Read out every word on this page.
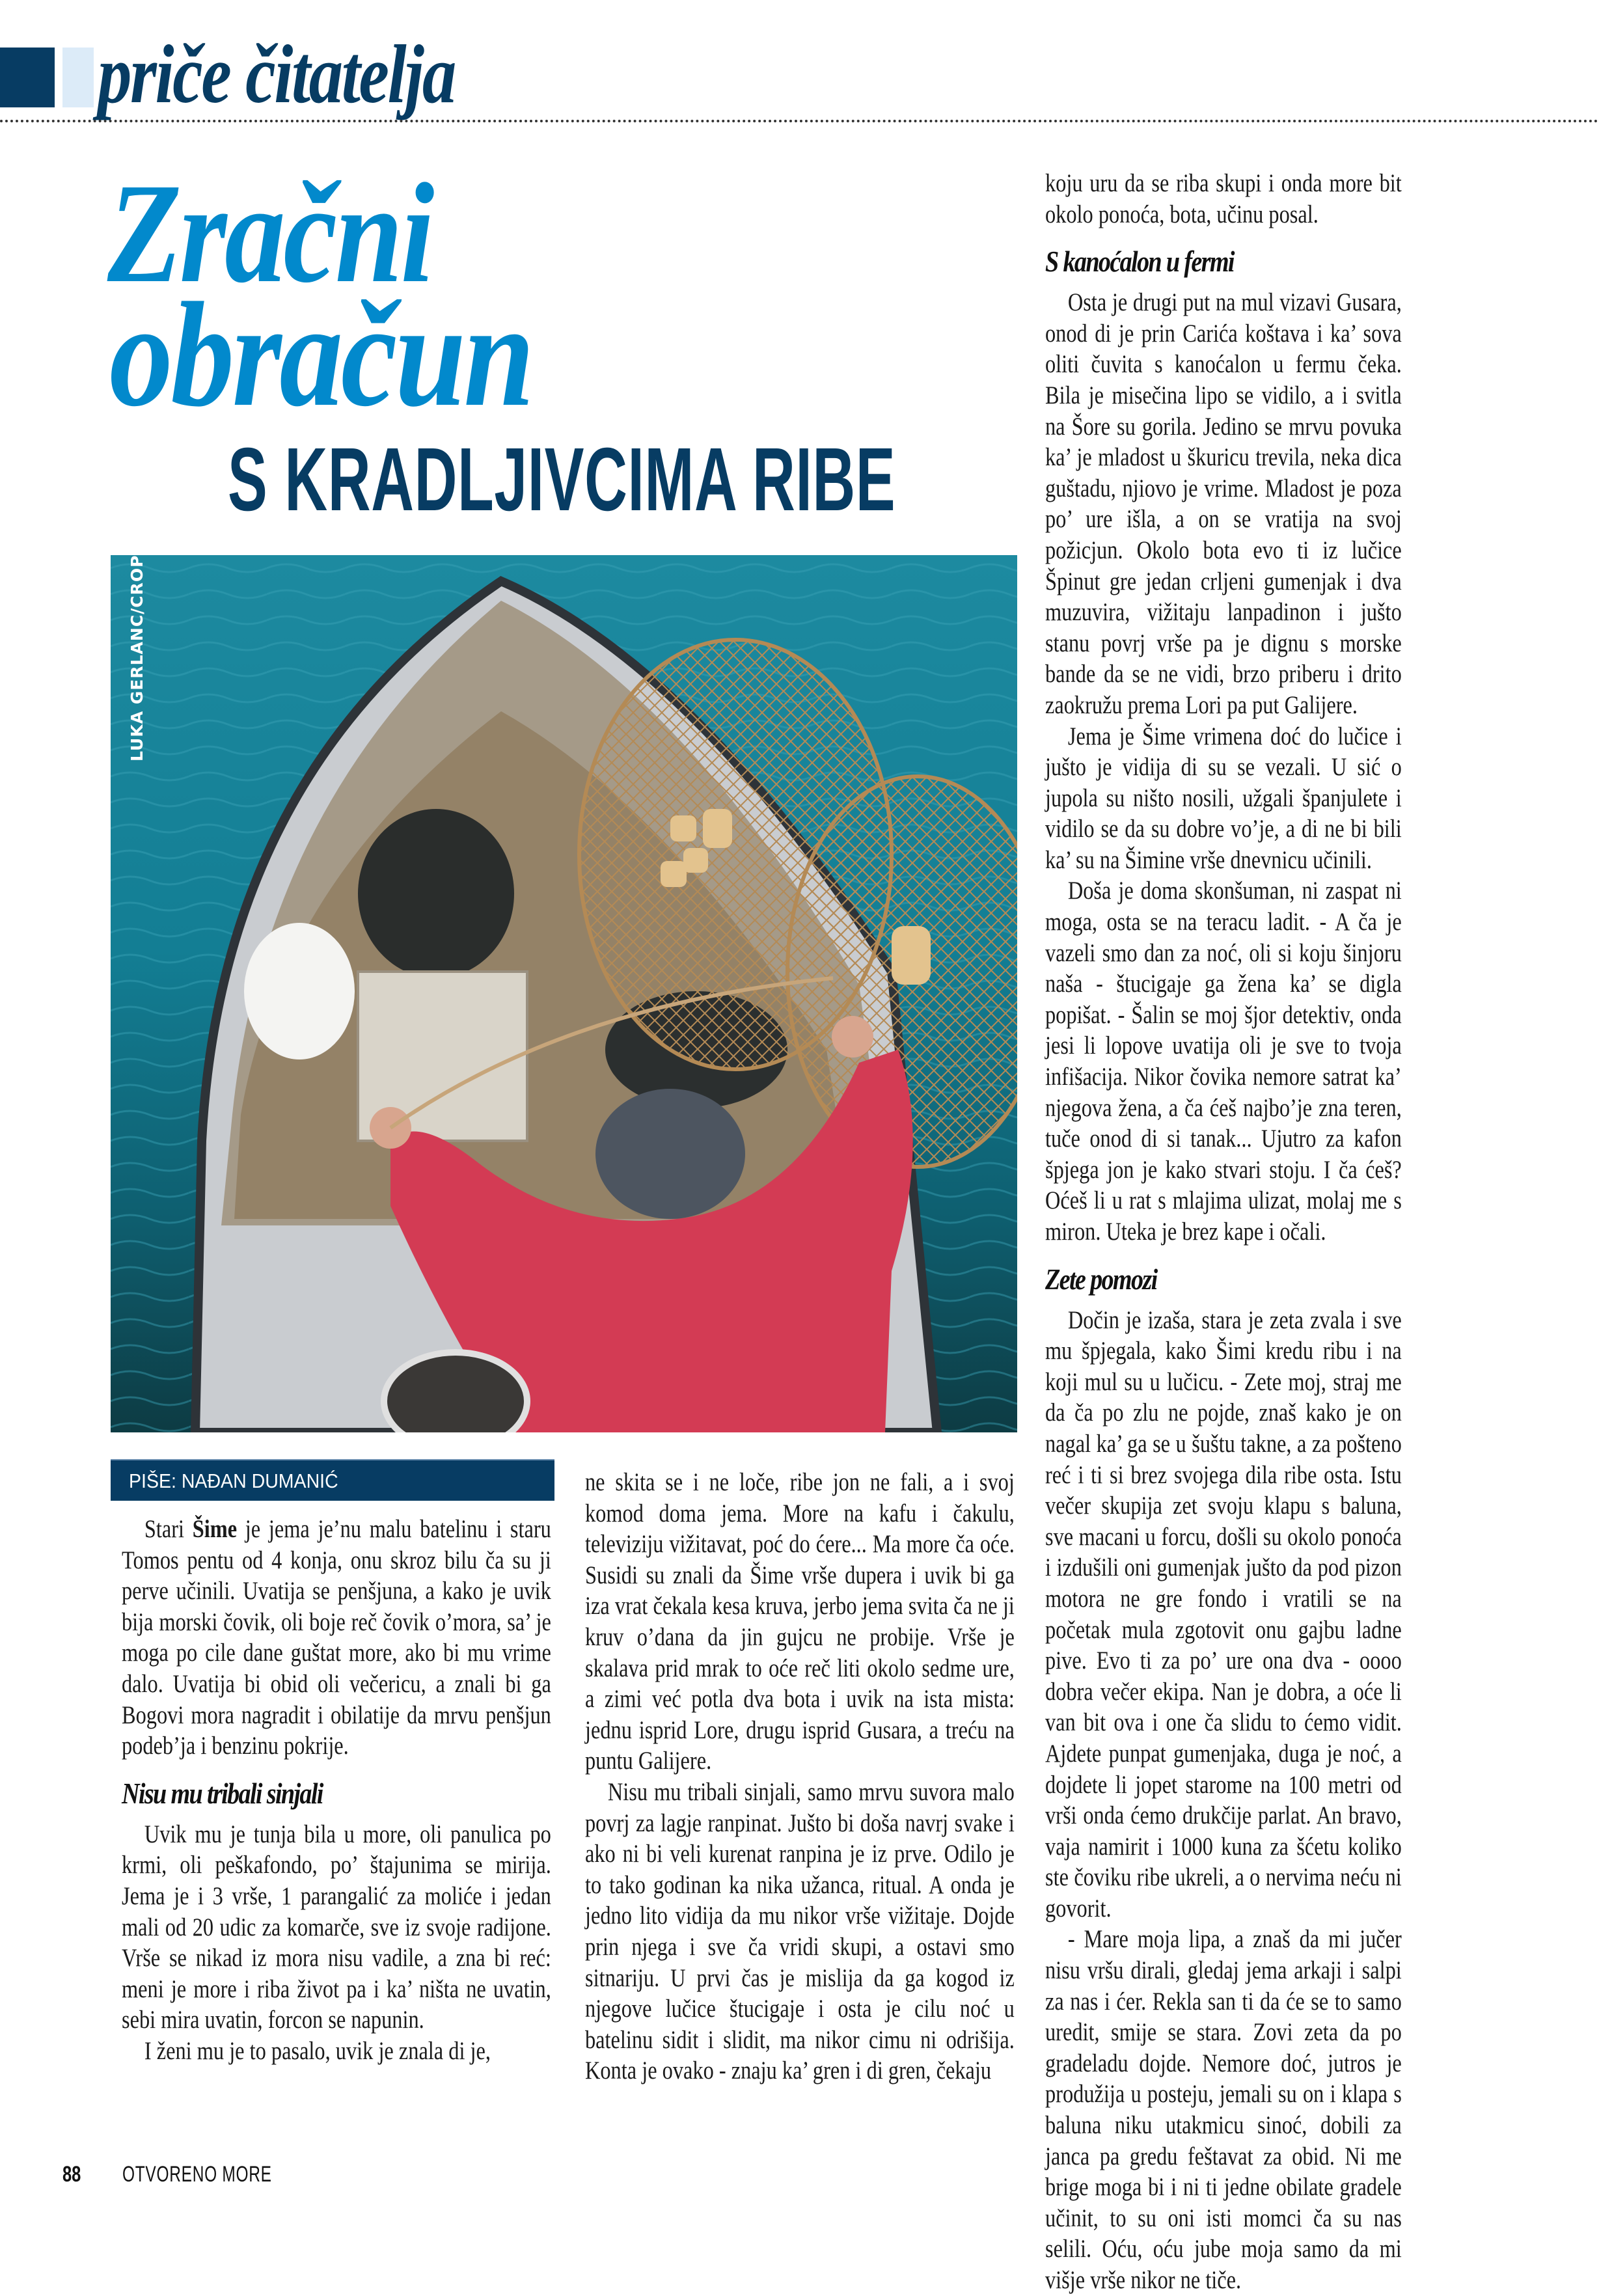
priče čitatelja
Zračni
obračun
S KRADLJIVCIMA RIBE
LUKA GERLANC/CROPIX
PIŠE: NAĐAN DUMANIĆ

Stari Šime je jema je’nu malu batelinu i staru Tomos pentu od 4 konja, onu skroz bilu ča su ji perve učinili. Uvatija se penšjuna, a kako je uvik bija morski čovik, oli boje reč čovik o’mora, sa’ je moga po cile dane guštat more, ako bi mu vrime dalo. Uvatija bi obid oli večericu, a znali bi ga Bogovi mora nagradit i obilatije da mrvu penšjun podeb’ja i benzinu pokrije.

Nisu mu tribali sinjali

Uvik mu je tunja bila u more, oli panulica po krmi, oli peškafondo, po’ štajunima se mirija. Jema je i 3 vrše, 1 parangalić za moliće i jedan mali od 20 udic za komarče, sve iz svoje radijone. Vrše se nikad iz mora nisu vadile, a zna bi reć: meni je more i riba život pa i ka’ ništa ne uvatin, sebi mira uvatin, forcon se napunin.

I ženi mu je to pasalo, uvik je znala di je,

ne skita se i ne loče, ribe jon ne fali, a i svoj komod doma jema. More na kafu i čakulu, televiziju vižitavat, poć do ćere... Ma more ča oće. Susidi su znali da Šime vrše dupera i uvik bi ga iza vrat čekala kesa kruva, jerbo jema svita ča ne ji kruv o’dana da jin gujcu ne probije. Vrše je skalava prid mrak to oće reč liti okolo sedme ure, a zimi već potla dva bota i uvik na ista mista: jednu isprid Lore, drugu isprid Gusara, a treću na puntu Galijere.

Nisu mu tribali sinjali, samo mrvu suvora malo povrj za lagje ranpinat. Jušto bi doša navrj svake i ako ni bi veli kurenat ranpina je iz prve. Odilo je to tako godinan ka nika užanca, ritual. A onda je jedno lito vidija da mu nikor vrše vižitaje. Dojde prin njega i sve ča vridi skupi, a ostavi smo sitnariju. U prvi čas je mislija da ga kogod iz njegove lučice štucigaje i osta je cilu noć u batelinu sidit i slidit, ma nikor cimu ni odrišija. Konta je ovako - znaju ka’ gren i di gren, čekaju

koju uru da se riba skupi i onda more bit okolo ponoća, bota, učinu posal.

S kanoćalon u fermi

Osta je drugi put na mul vizavi Gusara, onod di je prin Carića koštava i ka’ sova oliti čuvita s kanoćalon u fermu čeka. Bila je misečina lipo se vidilo, a i svitla na Šore su gorila. Jedino se mrvu povuka ka’ je mladost u škuricu trevila, neka dica guštadu, njiovo je vrime. Mladost je poza po’ ure išla, a on se vratija na svoj požicjun. Okolo bota evo ti iz lučice Špinut gre jedan crljeni gumenjak i dva muzuvira, vižitaju lanpadinon i jušto stanu povrj vrše pa je dignu s morske bande da se ne vidi, brzo priberu i drito zaokružu prema Lori pa put Galijere.

Jema je Šime vrimena doć do lučice i jušto je vidija di su se vezali. U sić o jupola su ništo nosili, užgali španjulete i vidilo se da su dobre vo’je, a di ne bi bili ka’ su na Šimine vrše dnevnicu učinili.

Doša je doma skonšuman, ni zaspat ni moga, osta se na teracu ladit. - A ča je vazeli smo dan za noć, oli si koju šinjoru naša - štucigaje ga žena ka’ se digla popišat. - Šalin se moj šjor detektiv, onda jesi li lopove uvatija oli je sve to tvoja infišacija. Nikor čovika nemore satrat ka’ njegova žena, a ča ćeš najbo’je zna teren, tuče onod di si tanak... Ujutro za kafon špjega jon je kako stvari stoju. I ča ćeš? Oćeš li u rat s mlajima ulizat, molaj me s miron. Uteka je brez kape i očali.

Zete pomozi

Dočin je izaša, stara je zeta zvala i sve mu špjegala, kako Šimi kredu ribu i na koji mul su u lučicu. - Zete moj, straj me da ča po zlu ne pojde, znaš kako je on nagal ka’ ga se u šuštu takne, a za pošteno reć i ti si brez svojega dila ribe osta. Istu večer skupija zet svoju klapu s baluna, sve macani u forcu, došli su okolo ponoća i izdušili oni gumenjak jušto da pod pizon motora ne gre fondo i vratili se na početak mula zgotovit onu gajbu ladne pive. Evo ti za po’ ure ona dva - oooo dobra večer ekipa. Nan je dobra, a oće li van bit ova i one ča slidu to ćemo vidit. Ajdete punpat gumenjaka, duga je noć, a dojdete li jopet starome na 100 metri od vrši onda ćemo drukčije parlat. An bravo, vaja namirit i 1000 kuna za šćetu koliko ste čoviku ribe ukreli, a o nervima neću ni govorit.

- Mare moja lipa, a znaš da mi jučer nisu vršu dirali, gledaj jema arkaji i salpi za nas i ćer. Rekla san ti da će se to samo uredit, smije se stara. Zovi zeta da po gradeladu dojde. Nemore doć, jutros je produžija u posteju, jemali su on i klapa s baluna niku utakmicu sinoć, dobili za janca pa gredu feštavat za obid. Ni me brige moga bi i ni ti jedne obilate gradele učinit, to su oni isti momci ča su nas selili. Oću, oću jube moja samo da mi višje vrše nikor ne tiče.

88 OTVORENO MORE
